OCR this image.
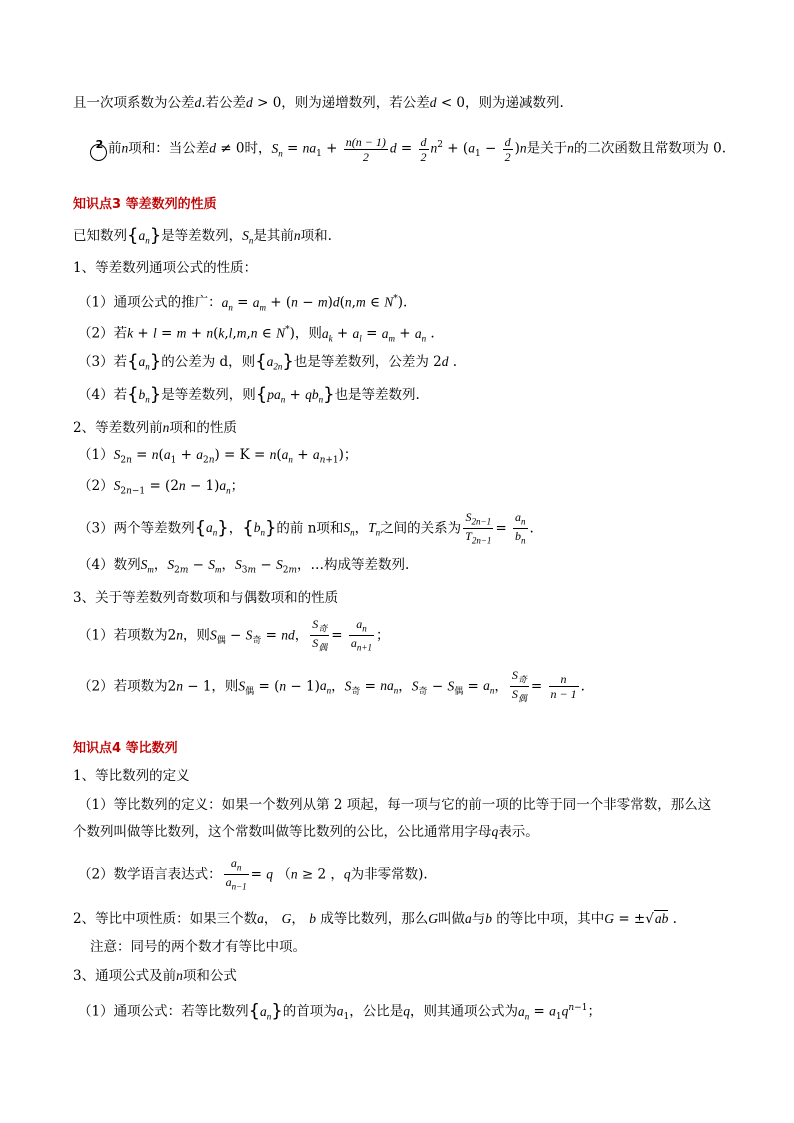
且一次项系数为公差d.若公差d > 0，则为递增数列，若公差d < 0，则为递减数列.
2 前n项和：当公差d ≠ 0时，$S_n = na_1 + \frac{n(n - 1)}{2}$ $d = \frac{d}{2} n^2 + (a_1 - \frac{d}{2} )n$是关于n的二次函数且常数项为 0.
知识点3 等差数列的性质
已知数列$\{a_n\}$是等差数列，$S_n$是其前n项和.
1、等差数列通项公式的性质：
（1）通项公式的推广：$a_n = a_m + (n - m)d(n,m$ ∈ N*).
（2）若k + l = m + n(k,l,m,n ∈ N*)，则$a_k + a_l = a_m + a_n$ .
（3）若$\{a_n\}$的公差为 d，则$\{a_{2n}\}$也是等差数列，公差为 2d .
（4）若$\{b_n\}$是等差数列，则$\{pa_n + qb_n\}$也是等差数列.
2、等差数列前n项和的性质
$(1)S_{2n} = n(a_1 + a_{2n}) = K = n(a_n + a_{n+1})$；
$(2)S_{2n-1} = (2n - 1)a_n$；
（3）两个等差数列$\{a_n\}$，$\{b_n\}$的前 n项和$S_n$，$T_n$之间的关系为 $\frac{S_{2n-1}}{T_{2n-1}} = \frac{a_n}{b_n}$ .
（4）数列$S_m$，$S_{2m} - S_m$，$S_{3m} - S_{2m}$，…构成等差数列.
3、关于等差数列奇数项和与偶数项和的性质
（1）若项数为2n，则$S_偶 - S_奇$ = nd， $\frac{S_奇}{S_偶} = \frac{a_n}{a_{n+1}}$ ；
（2）若项数为2n − 1，则$S_偶 = (n - 1)a_n$，$S_奇 = na_n$，$S_奇 - S_偶 = a_n$， $\frac{S_奇}{S_偶} = \frac{n}{n - 1}$ .
知识点4 等比数列
1、等比数列的定义
（1）等比数列的定义：如果一个数列从第 2 项起，每一项与它的前一项的比等于同一个非零常数，那么这
个数列叫做等比数列，这个常数叫做等比数列的公比，公比通常用字母q表示。
（2）数学语言表达式： $\frac{a_n}{a_{n-1}} = q$ （n ≥ 2 ，q为非零常数).
2、等比中项性质：如果三个数a， G， b 成等比数列，那么G叫做a与b 的等比中项，其中G = ±√ab .
注意：同号的两个数才有等比中项。
3、通项公式及前n项和公式
（1）通项公式：若等比数列$\{a_n\}$的首项为$a_1$，公比是q，则其通项公式为$a_n = a_1q^{n-1}$；
